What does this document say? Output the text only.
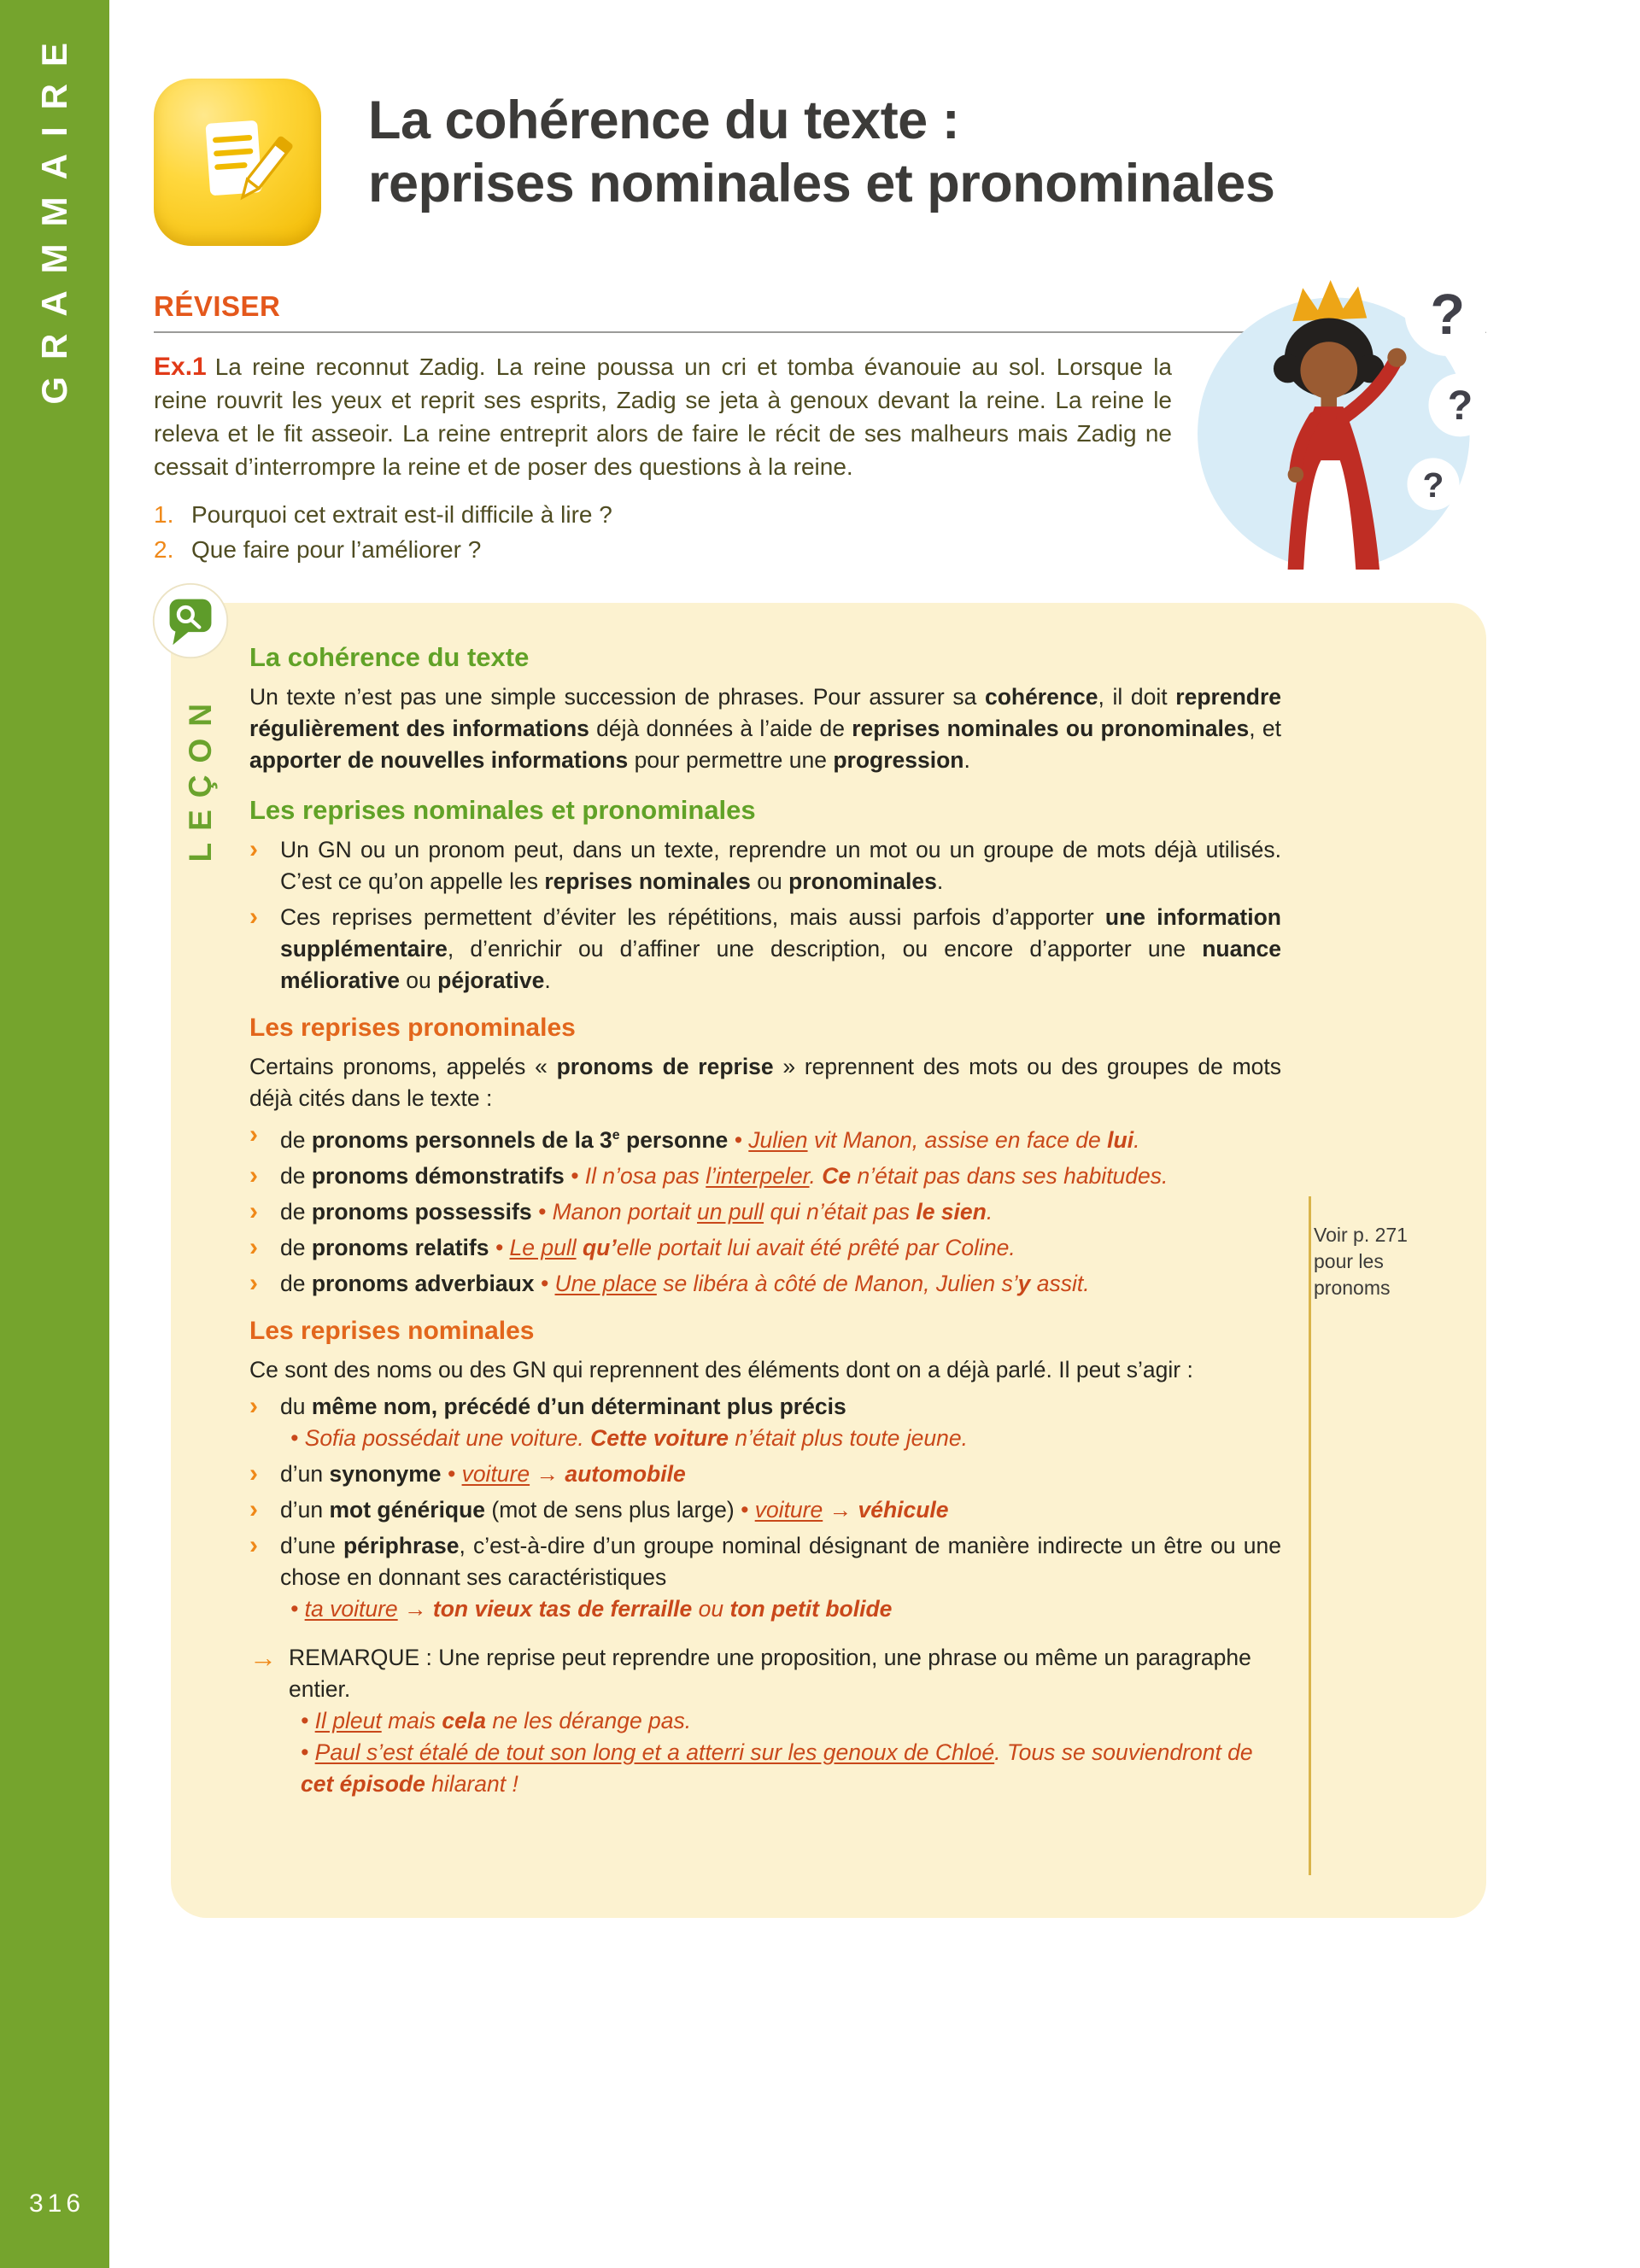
GRAMMAIRE
316
La cohérence du texte :
reprises nominales et pronominales
RÉVISER	?
?
?

Ex.1 La reine reconnut Zadig. La reine poussa un cri et tomba évanouie au sol. Lorsque la reine rouvrit les yeux et reprit ses esprits, Zadig se jeta à genoux devant la reine. La reine le releva et le fit asseoir. La reine entreprit alors de faire le récit de ses malheurs mais Zadig ne cessait d’interrompre la reine et de poser des questions à la reine.

1. Pourquoi cet extrait est-il difficile à lire ?
2. Que faire pour l’améliorer ?
LEÇON
La cohérence du texte

Un texte n’est pas une simple succession de phrases. Pour assurer sa cohérence, il doit reprendre régulièrement des informations déjà données à l’aide de reprises nominales ou pronominales, et apporter de nouvelles informations pour permettre une progression.

Les reprises nominales et pronominales
› Un GN ou un pronom peut, dans un texte, reprendre un mot ou un groupe de mots déjà utilisés. C’est ce qu’on appelle les reprises nominales ou pronominales.
› Ces reprises permettent d’éviter les répétitions, mais aussi parfois d’apporter une information supplémentaire, d’enrichir ou d’affiner une description, ou encore d’apporter une nuance méliorative ou péjorative.
Les reprises pronominales

Certains pronoms, appelés « pronoms de reprise » reprennent des mots ou des groupes de mots déjà cités dans le texte :

› de pronoms personnels de la 3e personne • Julien vit Manon, assise en face de lui.
› de pronoms démonstratifs • Il n’osa pas l’interpeler. Ce n’était pas dans ses habitudes.
› de pronoms possessifs • Manon portait un pull qui n’était pas le sien.
› de pronoms relatifs • Le pull qu’elle portait lui avait été prêté par Coline.
› de pronoms adverbiaux • Une place se libéra à côté de Manon, Julien s’y assit.
Les reprises nominales

Ce sont des noms ou des GN qui reprennent des éléments dont on a déjà parlé. Il peut s’agir :

› du même nom, précédé d’un déterminant plus précis
• Sofia possédait une voiture. Cette voiture n’était plus toute jeune.
› d’un synonyme • voiture → automobile
› d’un mot générique (mot de sens plus large) • voiture → véhicule
› d’une périphrase, c’est-à-dire d’un groupe nominal désignant de manière indirecte un être ou une chose en donnant ses caractéristiques
• ta voiture → ton vieux tas de ferraille ou ton petit bolide
→ REMARQUE : Une reprise peut reprendre une proposition, une phrase ou même un paragraphe entier.
• Il pleut mais cela ne les dérange pas.
• Paul s’est étalé de tout son long et a atterri sur les genoux de Chloé. Tous se souviendront de cet épisode hilarant !
Voir p. 271 pour les pronoms
